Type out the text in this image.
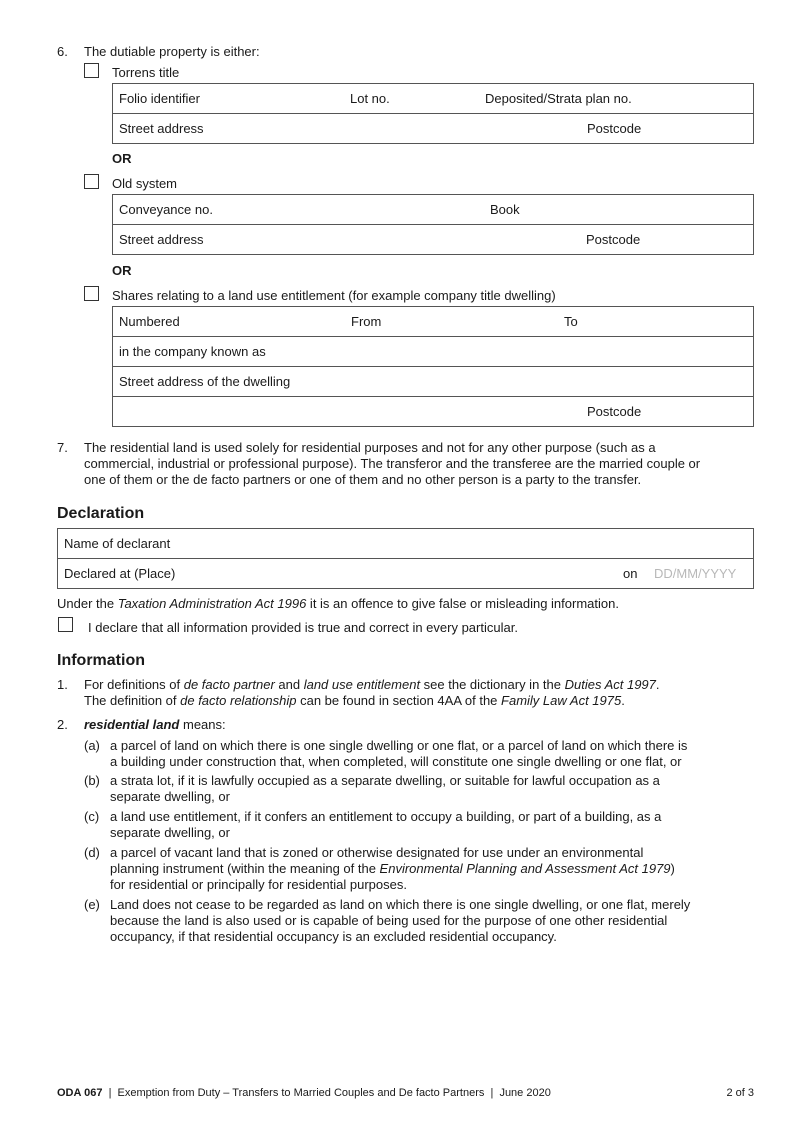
6. The dutiable property is either:
Torrens title
Folio identifier	Lot no.	Deposited/Strata plan no.
Street address	Postcode
OR
Old system
Conveyance no.	Book
Street address	Postcode
OR
Shares relating to a land use entitlement (for example company title dwelling)
Numbered	From	To
in the company known as
Street address of the dwelling
Postcode
7. The residential land is used solely for residential purposes and not for any other purpose (such as a
commercial, industrial or professional purpose). The transferor and the transferee are the married couple or
one of them or the de facto partners or one of them and no other person is a party to the transfer.
Declaration
Name of declarant
Declared at (Place)	on DD/MM/YYYY
Under the Taxation Administration Act 1996 it is an offence to give false or misleading information.
I declare that all information provided is true and correct in every particular.
Information
1. For definitions of de facto partner and land use entitlement see the dictionary in the Duties Act 1997.
The definition of de facto relationship can be found in section 4AA of the Family Law Act 1975.
2. residential land means:
(a) a parcel of land on which there is one single dwelling or one flat, or a parcel of land on which there is
a building under construction that, when completed, will constitute one single dwelling or one flat, or
(b) a strata lot, if it is lawfully occupied as a separate dwelling, or suitable for lawful occupation as a
separate dwelling, or
(c) a land use entitlement, if it confers an entitlement to occupy a building, or part of a building, as a
separate dwelling, or
(d) a parcel of vacant land that is zoned or otherwise designated for use under an environmental
planning instrument (within the meaning of the Environmental Planning and Assessment Act 1979)
for residential or principally for residential purposes.
(e) Land does not cease to be regarded as land on which there is one single dwelling, or one flat, merely
because the land is also used or is capable of being used for the purpose of one other residential
occupancy, if that residential occupancy is an excluded residential occupancy.
ODA 067  |  Exemption from Duty – Transfers to Married Couples and De facto Partners  |  June 2020	2 of 3
